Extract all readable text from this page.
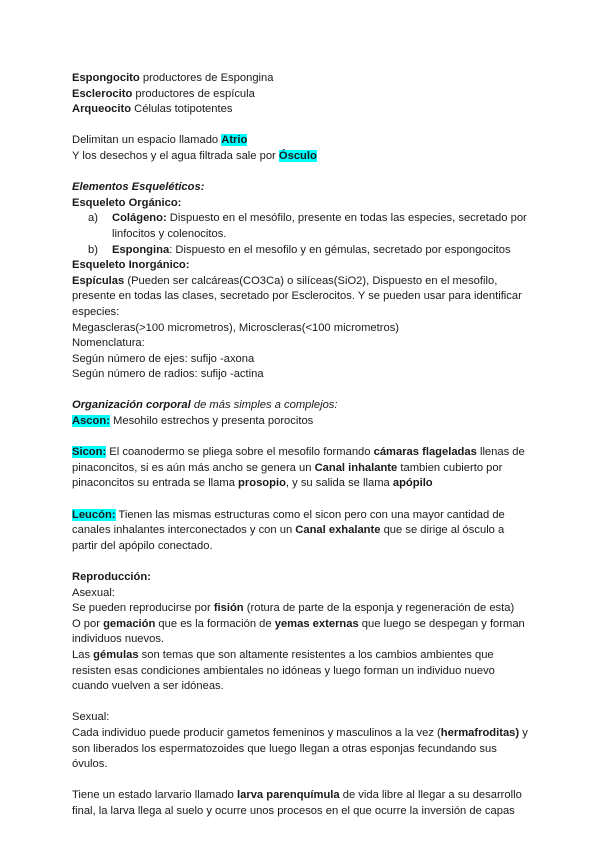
Espongocito productores de Espongina

Esclerocito productores de espícula

Arqueocito Células totipotentes

Delimitan un espacio llamado Atrio

Y los desechos y el agua filtrada sale por Ósculo

Elementos Esqueléticos:

Esqueleto Orgánico:

a)	Colágeno: Dispuesto en el mesófilo, presente en todas las especies, secretado por linfocitos y colenocitos.
b)	Espongina: Dispuesto en el mesofilo y en gémulas, secretado por espongocitos

Esqueleto Inorgánico:

Espículas (Pueden ser calcáreas(CO3Ca) o silíceas(SiO2), Dispuesto en el mesofilo, presente en todas las clases, secretado por Esclerocitos. Y se pueden usar para identificar especies:

Megascleras(>100 micrometros), Microscleras(<100 micrometros)

Nomenclatura:

Según número de ejes: sufijo -axona

Según número de radios: sufijo -actina

Organización corporal de más simples a complejos:

Ascon: Mesohilo estrechos y presenta porocitos

Sicon: El coanodermo se pliega sobre el mesofilo formando cámaras flageladas llenas de pinaconcitos, si es aún más ancho se genera un Canal inhalante tambien cubierto por pinaconcitos su entrada se llama prosopio, y su salida se llama apópilo

Leucón: Tienen las mismas estructuras como el sicon pero con una mayor cantidad de canales inhalantes interconectados y con un Canal exhalante que se dirige al ósculo a partir del apópilo conectado.

Reproducción:

Asexual:

Se pueden reproducirse por fisión (rotura de parte de la esponja y regeneración de esta)

O por gemación que es la formación de yemas externas que luego se despegan y forman individuos nuevos.

Las gémulas son temas que son altamente resistentes a los cambios ambientes que resisten esas condiciones ambientales no idóneas y luego forman un individuo nuevo cuando vuelven a ser idóneas.

Sexual:

Cada individuo puede producir gametos femeninos y masculinos a la vez (hermafroditas) y son liberados los espermatozoides que luego llegan a otras esponjas fecundando sus óvulos.

Tiene un estado larvario llamado larva parenquímula de vida libre al llegar a su desarrollo final, la larva llega al suelo y ocurre unos procesos en el que ocurre la inversión de capas
